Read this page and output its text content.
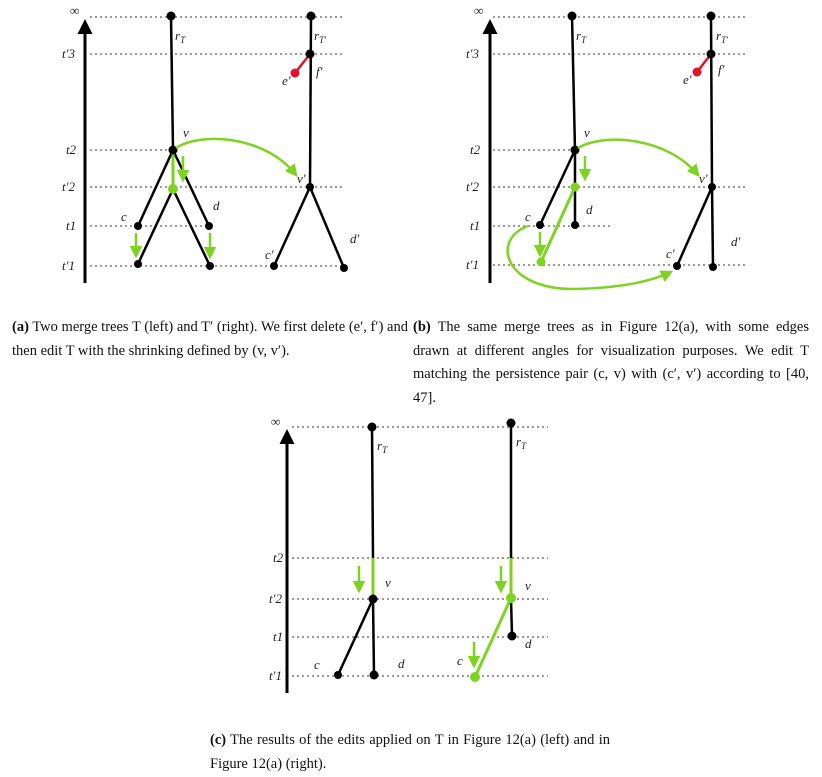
∞
t′3
t2
t′2
t1
t′1
$r_T$
v
c
d
$r_{T'}$
e′
f′
v′
c′
d′
∞
t′3
t2
t′2
t1
t′1
$r_T$
v
c	d
$r_{T'}$
e′
f′
v′
c′
d′
∞
t2
t′2
t1
t′1
$r_T$
v
c	d
$r_T$
v
c
d
(a) Two merge trees T (left) and T′ (right). We first delete (e′, f′) and then edit T with the shrinking defined by (v, v′).
(b) The same merge trees as in Figure 12(a), with some edges drawn at different angles for visualization purposes. We edit T matching the persistence pair (c, v) with (c′, v′) according to [40, 47].
(c) The results of the edits applied on T in Figure 12(a) (left) and in Figure 12(a) (right).
